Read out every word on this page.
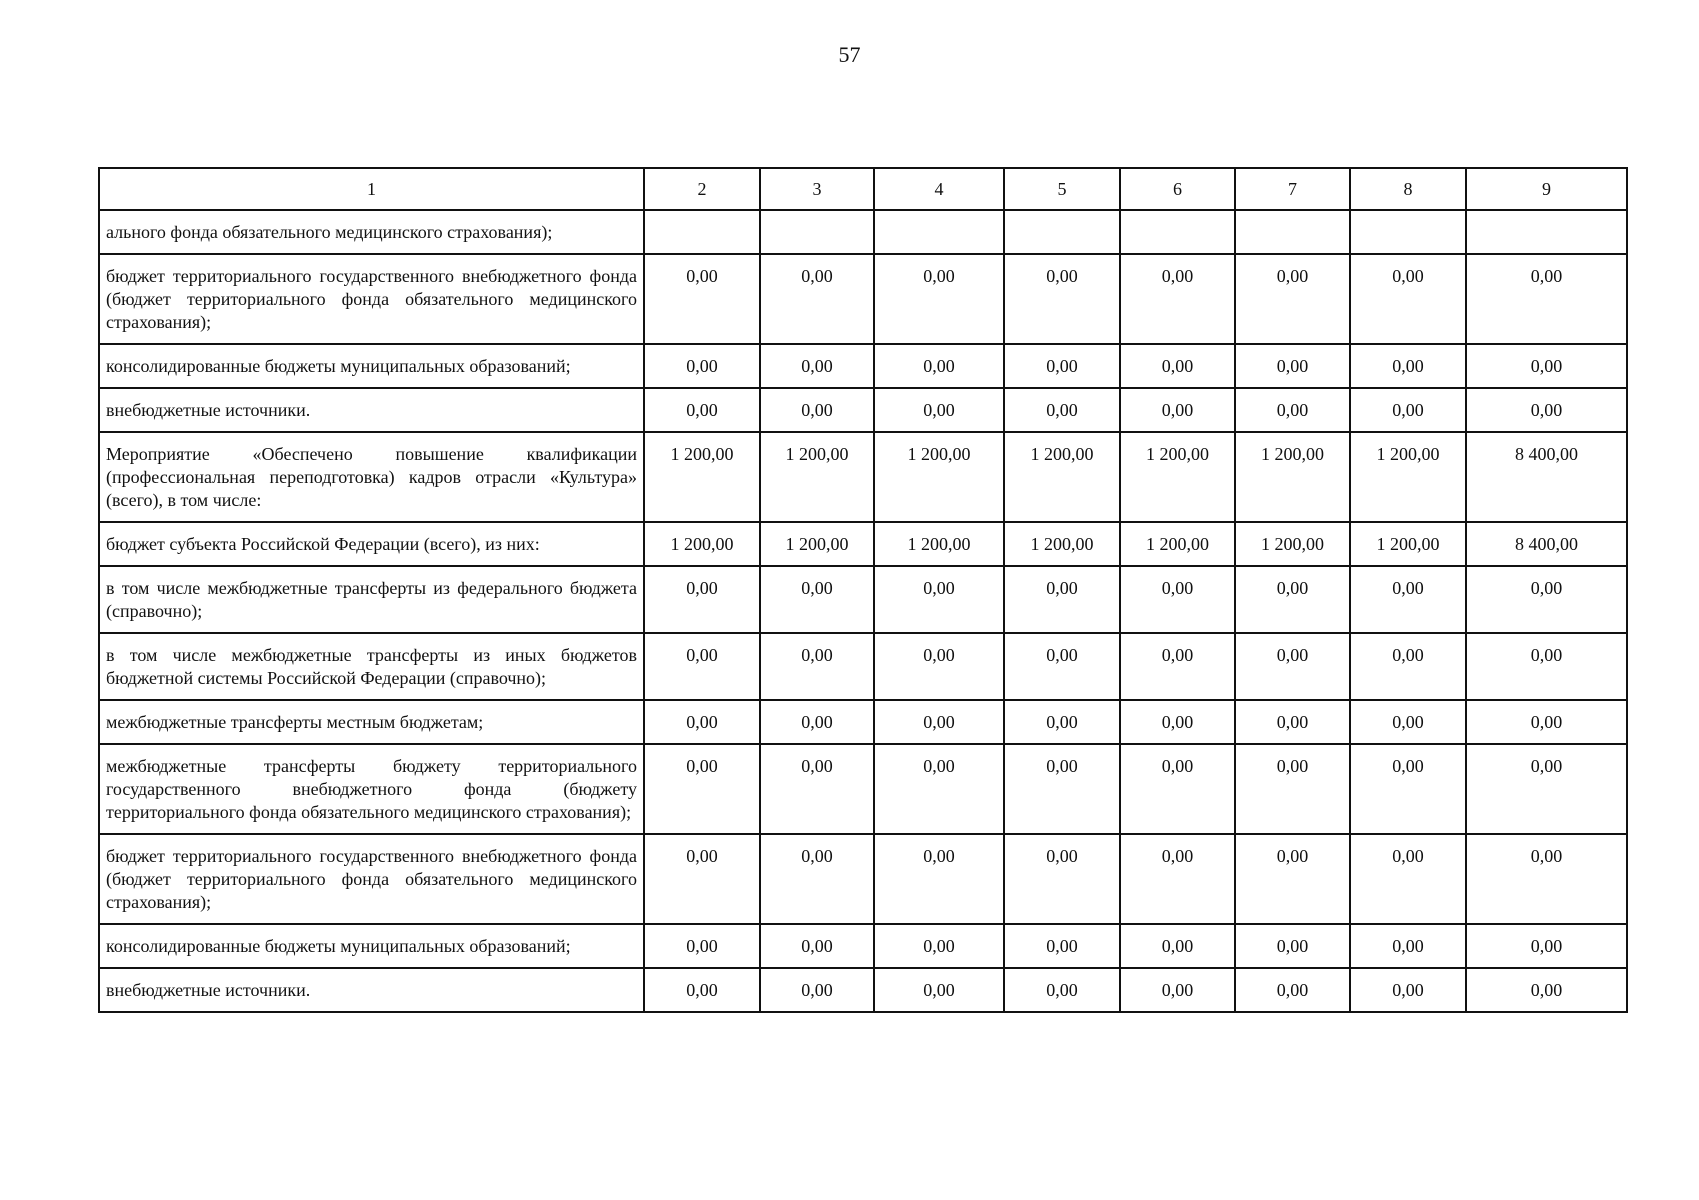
57
1	2	3	4	5	6	7	8	9
ального фонда обязательного медицинского страхования);								
бюджет территориального государственного внебюджетного фонда (бюджет территориального фонда обязательного медицинского страхования);	0,00	0,00	0,00	0,00	0,00	0,00	0,00	0,00
консолидированные бюджеты муниципальных образований;	0,00	0,00	0,00	0,00	0,00	0,00	0,00	0,00
внебюджетные источники.	0,00	0,00	0,00	0,00	0,00	0,00	0,00	0,00
Мероприятие «Обеспечено повышение квалификации (профессиональная переподготовка) кадров отрасли «Культура» (всего), в том числе:	1 200,00	1 200,00	1 200,00	1 200,00	1 200,00	1 200,00	1 200,00	8 400,00
бюджет субъекта Российской Федерации (всего), из них:	1 200,00	1 200,00	1 200,00	1 200,00	1 200,00	1 200,00	1 200,00	8 400,00
в том числе межбюджетные трансферты из федерального бюджета (справочно);	0,00	0,00	0,00	0,00	0,00	0,00	0,00	0,00
в том числе межбюджетные трансферты из иных бюджетов бюджетной системы Российской Федерации (справочно);	0,00	0,00	0,00	0,00	0,00	0,00	0,00	0,00
межбюджетные трансферты местным бюджетам;	0,00	0,00	0,00	0,00	0,00	0,00	0,00	0,00
межбюджетные трансферты бюджету территориального государственного внебюджетного фонда (бюджету территориального фонда обязательного медицинского страхования);	0,00	0,00	0,00	0,00	0,00	0,00	0,00	0,00
бюджет территориального государственного внебюджетного фонда (бюджет территориального фонда обязательного медицинского страхования);	0,00	0,00	0,00	0,00	0,00	0,00	0,00	0,00
консолидированные бюджеты муниципальных образований;	0,00	0,00	0,00	0,00	0,00	0,00	0,00	0,00
внебюджетные источники.	0,00	0,00	0,00	0,00	0,00	0,00	0,00	0,00
